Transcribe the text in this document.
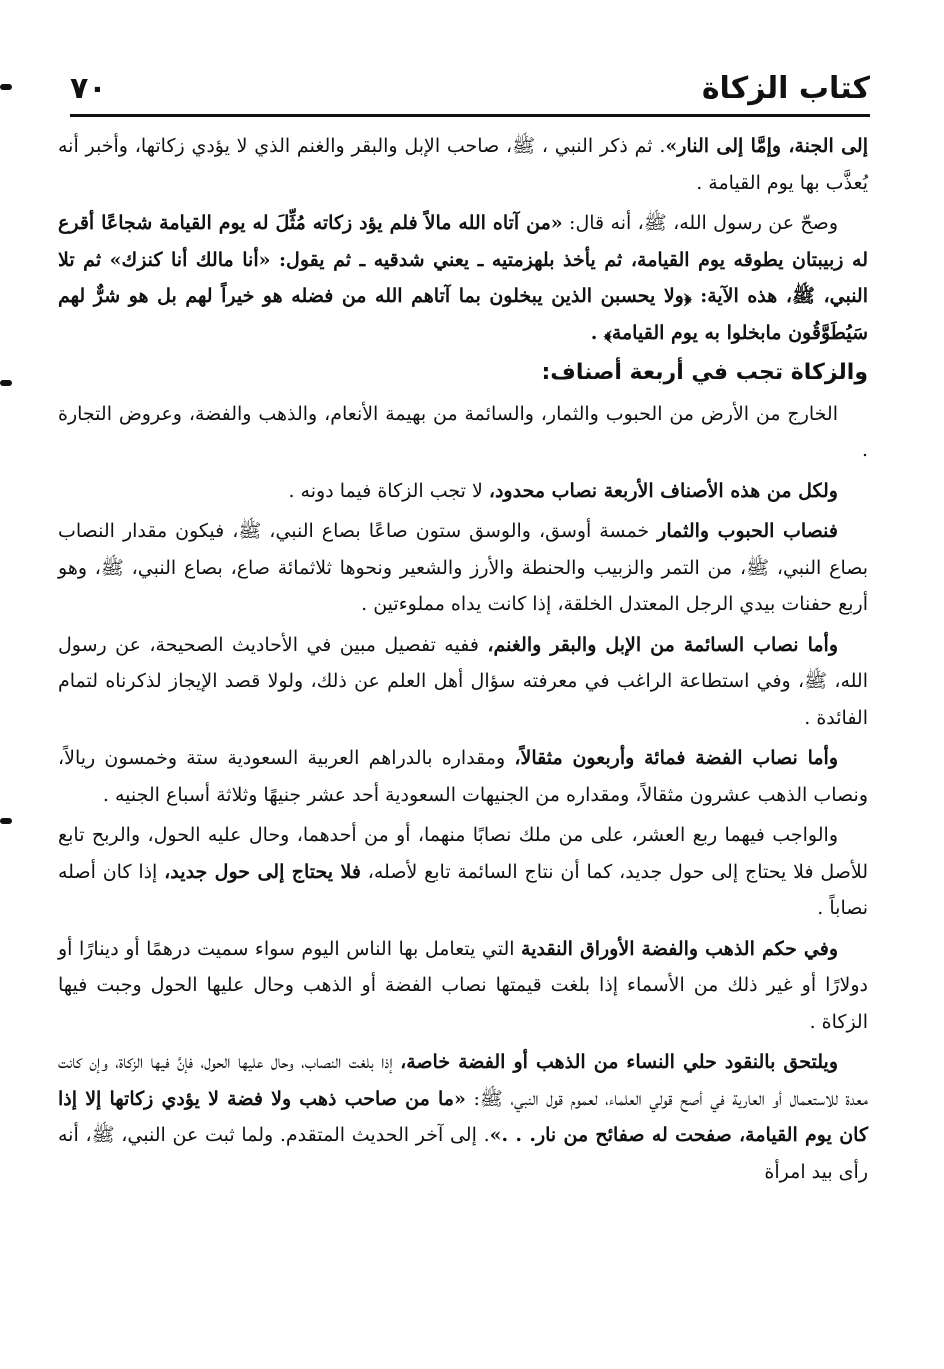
كتاب الزكاة
٧٠

إلى الجنة، وإمَّا إلى النار». ثم ذكر النبي ، ﷺ، صاحب الإبل والبقر والغنم الذي لا يؤدي زكاتها، وأخبر أنه يُعذَّب بها يوم القيامة .

وصحّ عن رسول الله، ﷺ، أنه قال: «من آتاه الله مالاً فلم يؤد زكاته مُثِّلَ له يوم القيامة شجاعًا أقرع له زبيبتان يطوقه يوم القيامة، ثم يأخذ بلهزمتيه ـ يعني شدقيه ـ ثم يقول: «أنا مالك أنا كنزك» ثم تلا النبي، ﷺ، هذه الآية: ﴿ولا يحسبن الذين يبخلون بما آتاهم الله من فضله هو خيراً لهم بل هو شرٌّ لهم سَيُطَوَّقُون مابخلوا به يوم القيامة﴾ .

والزكاة تجب في أربعة أصناف:

الخارج من الأرض من الحبوب والثمار، والسائمة من بهيمة الأنعام، والذهب والفضة، وعروض التجارة .

ولكل من هذه الأصناف الأربعة نصاب محدود، لا تجب الزكاة فيما دونه .

فنصاب الحبوب والثمار خمسة أوسق، والوسق ستون صاعًا بصاع النبي، ﷺ، فيكون مقدار النصاب بصاع النبي، ﷺ، من التمر والزبيب والحنطة والأرز والشعير ونحوها ثلاثمائة صاع، بصاع النبي، ﷺ، وهو أربع حفنات بيدي الرجل المعتدل الخلقة، إذا كانت يداه مملوءتين .

وأما نصاب السائمة من الإبل والبقر والغنم، ففيه تفصيل مبين في الأحاديث الصحيحة، عن رسول الله، ﷺ، وفي استطاعة الراغب في معرفته سؤال أهل العلم عن ذلك، ولولا قصد الإيجاز لذكرناه لتمام الفائدة .

وأما نصاب الفضة فمائة وأربعون مثقالاً، ومقداره بالدراهم العربية السعودية ستة وخمسون ريالاً، ونصاب الذهب عشرون مثقالاً، ومقداره من الجنيهات السعودية أحد عشر جنيهًا وثلاثة أسباع الجنيه .

والواجب فيهما ربع العشر، على من ملك نصابًا منهما، أو من أحدهما، وحال عليه الحول، والربح تابع للأصل فلا يحتاج إلى حول جديد، كما أن نتاج السائمة تابع لأصله، فلا يحتاج إلى حول جديد، إذا كان أصله نصاباً .

وفي حكم الذهب والفضة الأوراق النقدية التي يتعامل بها الناس اليوم سواء سميت درهمًا أو دينارًا أو دولارًا أو غير ذلك من الأسماء إذا بلغت قيمتها نصاب الفضة أو الذهب وحال عليها الحول وجبت فيها الزكاة .

ويلتحق بالنقود حلي النساء من الذهب أو الفضة خاصة، إذا بلغت النصاب، وحال عليها الحول، فإنَّ فيها الزكاة، وإن كانت معدة للاستعمال أو العارية في أصح قولي العلماء، لعموم قول النبي، ﷺ: «ما من صاحب ذهب ولا فضة لا يؤدي زكاتها إلا إذا كان يوم القيامة، صفحت له صفائح من نار. . .». إلى آخر الحديث المتقدم. ولما ثبت عن النبي، ﷺ، أنه رأى بيد امرأة
